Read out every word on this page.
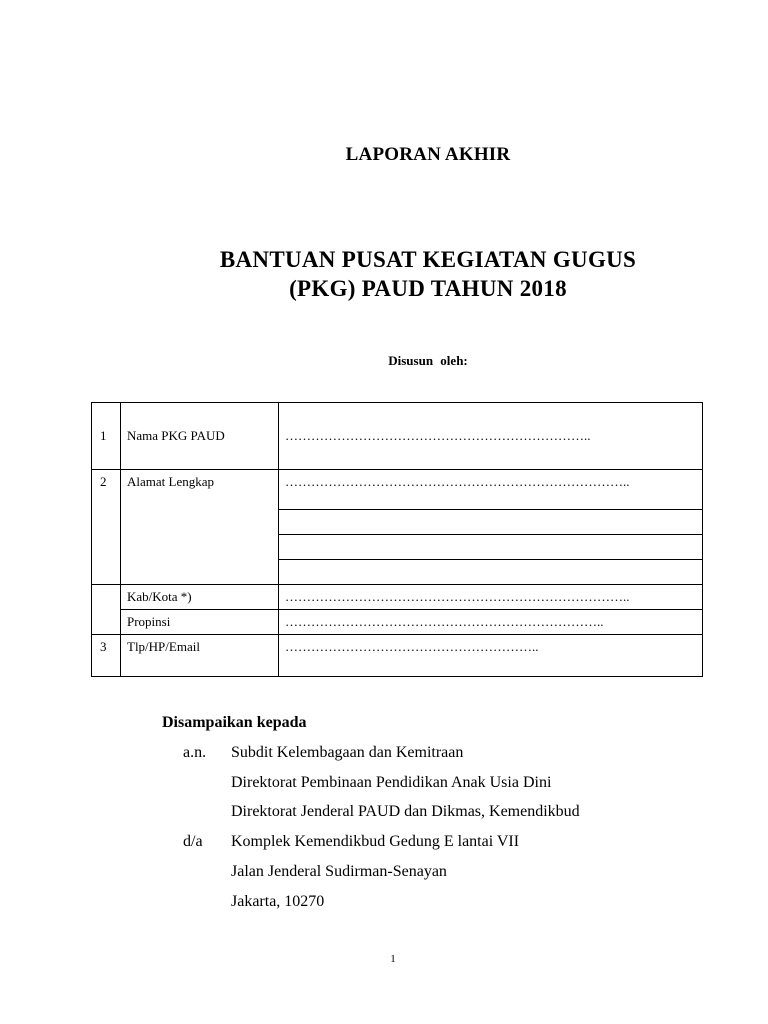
LAPORAN AKHIR
BANTUAN PUSAT KEGIATAN GUGUS
(PKG) PAUD TAHUN 2018
Disusun oleh:
1	Nama PKG PAUD	……………………………………………………………..
2	Alamat Lengkap	……………………………………………………………………..

	Kab/Kota *)	……………………………………………………………………..
	Propinsi	………………………………………………………………..
3	Tlp/HP/Email	…………………………………………………..
Disampaikan kepada
a.n.	Subdit Kelembagaan dan Kemitraan
Direktorat Pembinaan Pendidikan Anak Usia Dini
Direktorat Jenderal PAUD dan Dikmas, Kemendikbud
d/a	Komplek Kemendikbud Gedung E lantai VII
Jalan Jenderal Sudirman-Senayan
Jakarta, 10270
1
